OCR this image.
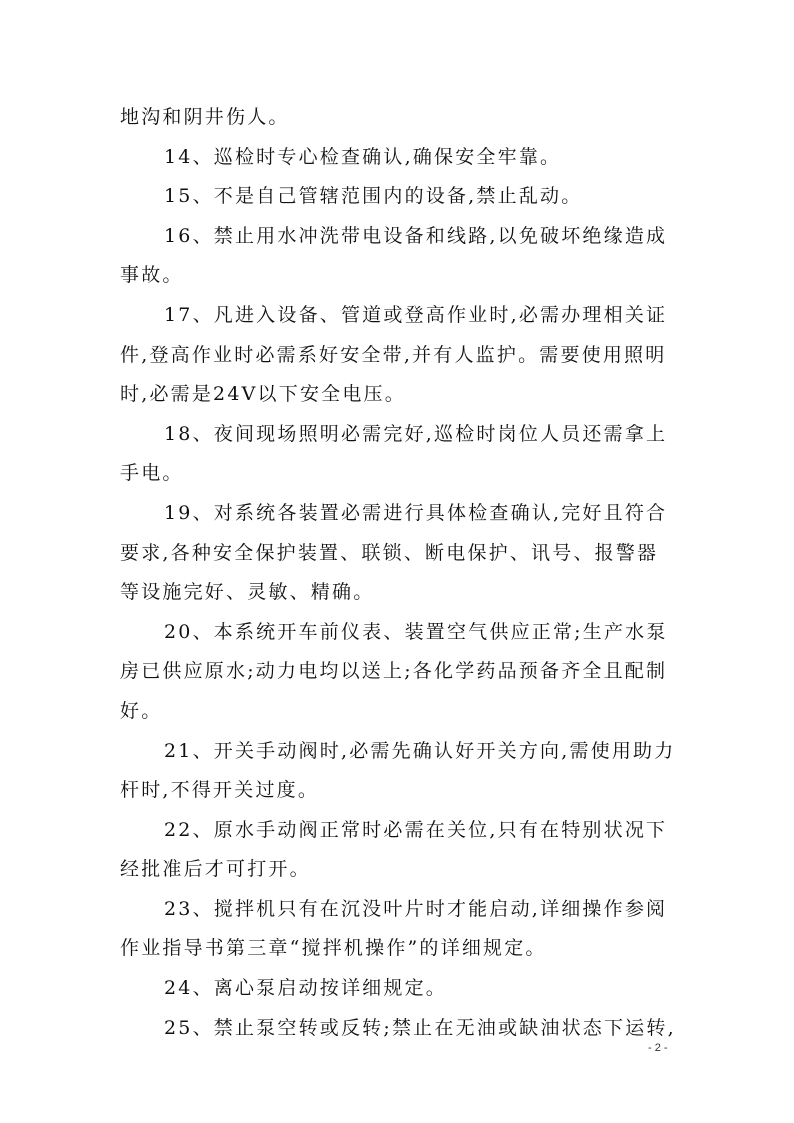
地沟和阴井伤人。
14、巡检时专心检查确认,确保安全牢靠。
15、不是自己管辖范围内的设备,禁止乱动。
16、禁止用水冲洗带电设备和线路,以免破坏绝缘造成
事故。
17、凡进入设备、管道或登高作业时,必需办理相关证
件,登高作业时必需系好安全带,并有人监护。需要使用照明
时,必需是24V以下安全电压。
18、夜间现场照明必需完好,巡检时岗位人员还需拿上
手电。
19、对系统各装置必需进行具体检查确认,完好且符合
要求,各种安全保护装置、联锁、断电保护、讯号、报警器
等设施完好、灵敏、精确。
20、本系统开车前仪表、装置空气供应正常;生产水泵
房已供应原水;动力电均以送上;各化学药品预备齐全且配制
好。
21、开关手动阀时,必需先确认好开关方向,需使用助力
杆时,不得开关过度。
22、原水手动阀正常时必需在关位,只有在特别状况下
经批准后才可打开。
23、搅拌机只有在沉没叶片时才能启动,详细操作参阅
作业指导书第三章“搅拌机操作”的详细规定。
24、离心泵启动按详细规定。
25、禁止泵空转或反转;禁止在无油或缺油状态下运转,
- 2 -
